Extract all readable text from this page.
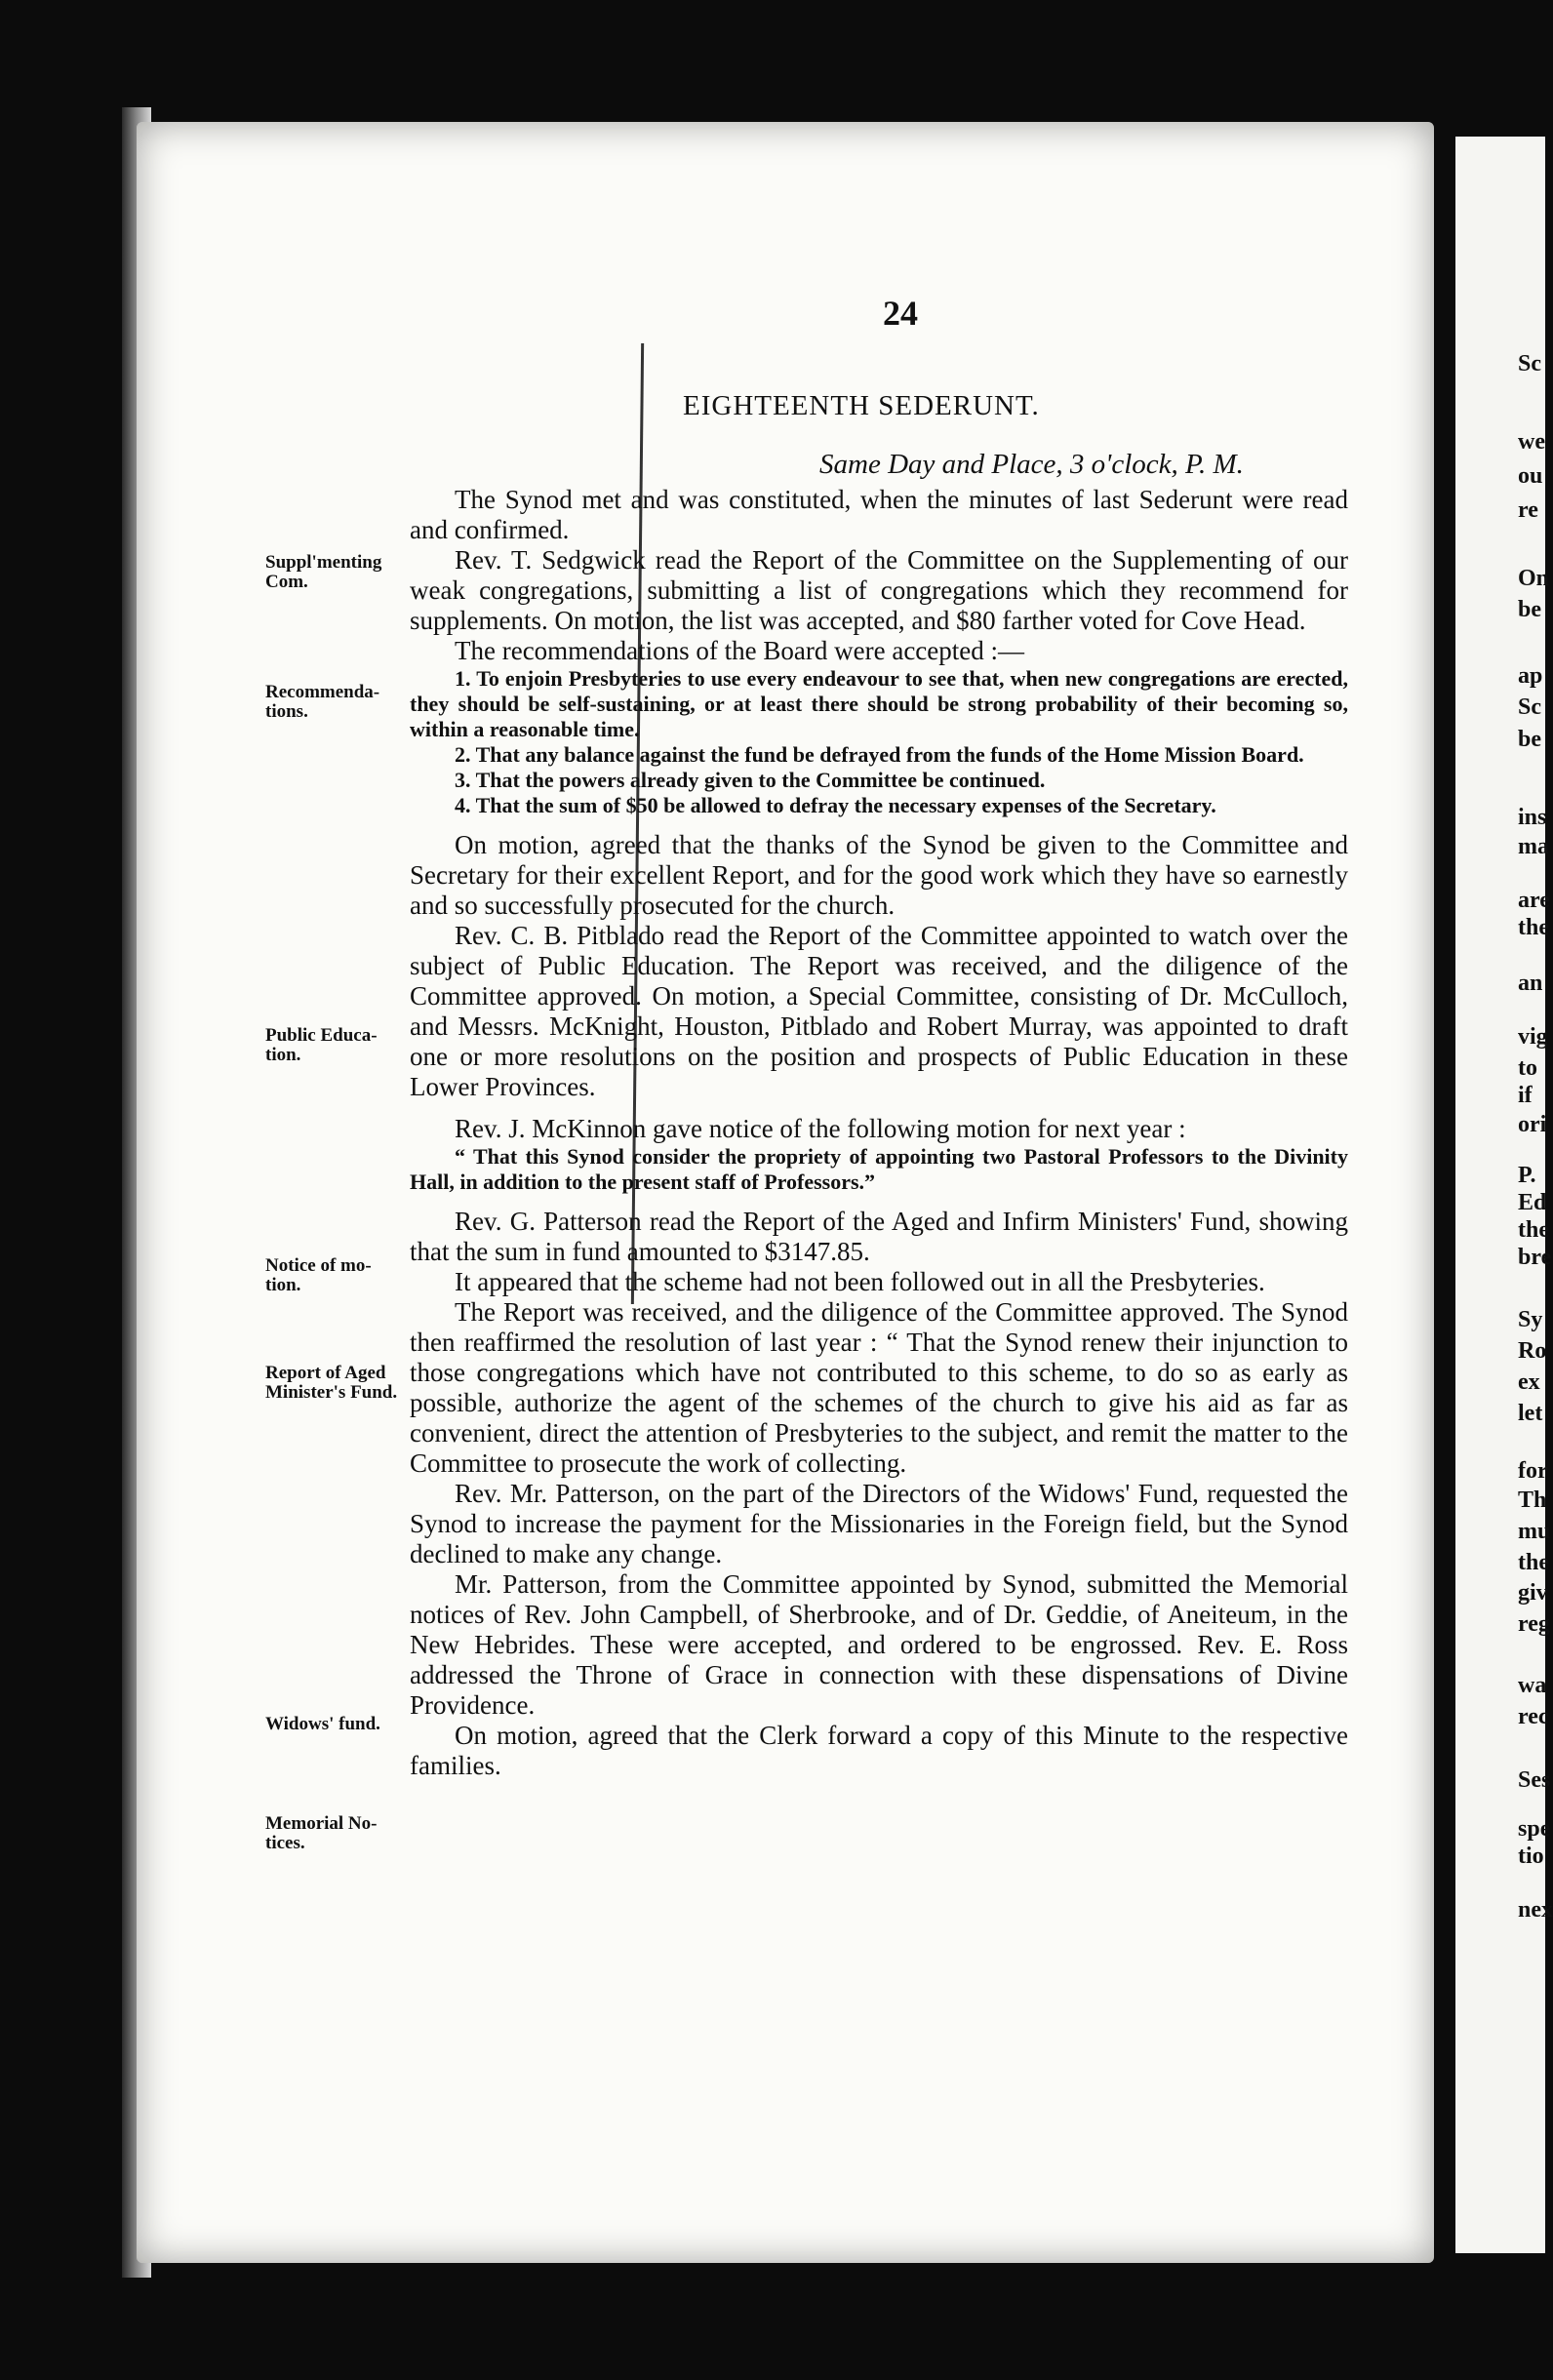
Sc
we
ou
re
On
be
ap
Sc
be
ins
ma
are
the
an
vig
to
if
ori
P.
Ed
the
bre
Sy
Ro
ex
let
for
Th
mu
the
giv
reg
wa
rec
Ses
spe
tio
nex
24
EIGHTEENTH SEDERUNT.
Same Day and Place, 3 o'clock, P. M.
Suppl'menting Com.
Recommenda- tions.
Public Educa- tion.
Notice of mo- tion.
Report of Aged Minister's Fund.
Widows' fund.
Memorial No- tices.

The Synod met and was constituted, when the minutes of last Sederunt were read and confirmed.

Rev. T. Sedgwick read the Report of the Committee on the Supplementing of our weak congregations, submitting a list of congregations which they recommend for supplements. On motion, the list was accepted, and $80 farther voted for Cove Head.

The recommendations of the Board were accepted :—

1. To enjoin Presbyteries to use every endeavour to see that, when new congregations are erected, they should be self-sustaining, or at least there should be strong probability of their becoming so, within a reasonable time.

2. That any balance against the fund be defrayed from the funds of the Home Mission Board.

3. That the powers already given to the Committee be continued.

4. That the sum of $50 be allowed to defray the necessary expenses of the Secretary.

On motion, agreed that the thanks of the Synod be given to the Committee and Secretary for their excellent Report, and for the good work which they have so earnestly and so successfully prosecuted for the church.

Rev. C. B. Pitblado read the Report of the Committee appointed to watch over the subject of Public Education. The Report was received, and the diligence of the Committee approved. On motion, a Special Committee, consisting of Dr. McCulloch, and Messrs. McKnight, Houston, Pitblado and Robert Murray, was appointed to draft one or more resolutions on the position and prospects of Public Education in these Lower Provinces.

Rev. J. McKinnon gave notice of the following motion for next year :

“ That this Synod consider the propriety of appointing two Pastoral Professors to the Divinity Hall, in addition to the present staff of Professors.”

Rev. G. Patterson read the Report of the Aged and Infirm Ministers' Fund, showing that the sum in fund amounted to $3147.85.

It appeared that the scheme had not been followed out in all the Presbyteries.

The Report was received, and the diligence of the Committee approved. The Synod then reaffirmed the resolution of last year : “ That the Synod renew their injunction to those congregations which have not contributed to this scheme, to do so as early as possible, authorize the agent of the schemes of the church to give his aid as far as convenient, direct the attention of Presbyteries to the subject, and remit the matter to the Committee to prosecute the work of collecting.

Rev. Mr. Patterson, on the part of the Directors of the Widows' Fund, requested the Synod to increase the payment for the Missionaries in the Foreign field, but the Synod declined to make any change.

Mr. Patterson, from the Committee appointed by Synod, submitted the Memorial notices of Rev. John Campbell, of Sherbrooke, and of Dr. Geddie, of Aneiteum, in the New Hebrides. These were accepted, and ordered to be engrossed. Rev. E. Ross addressed the Throne of Grace in connection with these dispensations of Divine Providence.

On motion, agreed that the Clerk forward a copy of this Minute to the respective families.
